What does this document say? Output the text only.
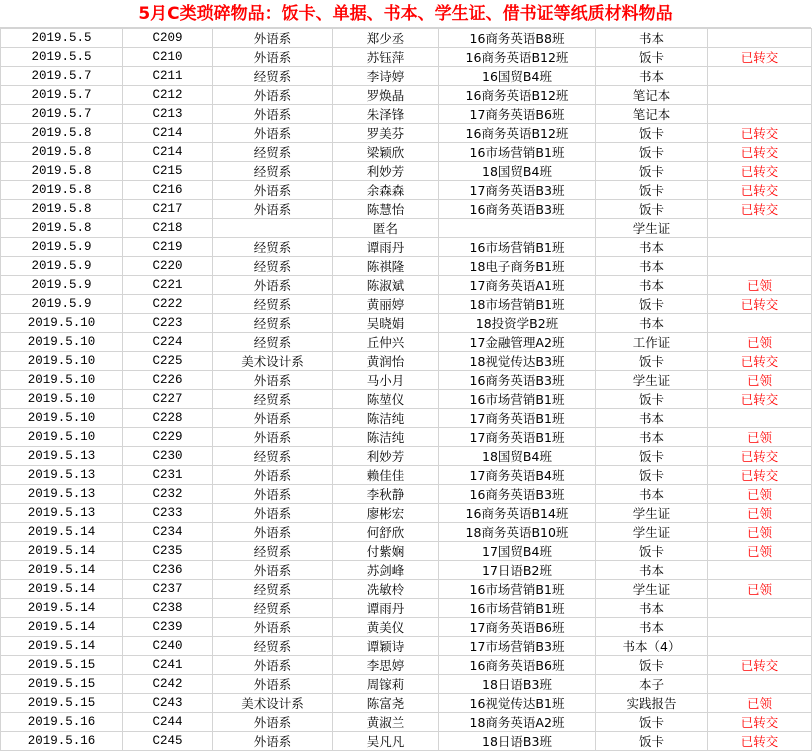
5月C类琐碎物品：饭卡、单据、书本、学生证、借书证等纸质材料物品
2019.5.5	C209	外语系	郑少丞	16商务英语B8班	书本	
2019.5.5	C210	外语系	苏钰萍	16商务英语B12班	饭卡	已转交
2019.5.7	C211	经贸系	李诗婷	16国贸B4班	书本	
2019.5.7	C212	外语系	罗焕晶	16商务英语B12班	笔记本	
2019.5.7	C213	外语系	朱泽锋	17商务英语B6班	笔记本	
2019.5.8	C214	外语系	罗美芬	16商务英语B12班	饭卡	已转交
2019.5.8	C214	经贸系	梁颖欣	16市场营销B1班	饭卡	已转交
2019.5.8	C215	经贸系	利妙芳	18国贸B4班	饭卡	已转交
2019.5.8	C216	外语系	余森森	17商务英语B3班	饭卡	已转交
2019.5.8	C217	外语系	陈慧怡	16商务英语B3班	饭卡	已转交
2019.5.8	C218		匿名		学生证	
2019.5.9	C219	经贸系	谭雨丹	16市场营销B1班	书本	
2019.5.9	C220	经贸系	陈祺隆	18电子商务B1班	书本	
2019.5.9	C221	外语系	陈淑斌	17商务英语A1班	书本	已领
2019.5.9	C222	经贸系	黄丽婷	18市场营销B1班	饭卡	已转交
2019.5.10	C223	经贸系	吴晓娟	18投资学B2班	书本	
2019.5.10	C224	经贸系	丘仲兴	17金融管理A2班	工作证	已领
2019.5.10	C225	美术设计系	黄润怡	18视觉传达B3班	饭卡	已转交
2019.5.10	C226	外语系	马小月	16商务英语B3班	学生证	已领
2019.5.10	C227	经贸系	陈堃仪	16市场营销B1班	饭卡	已转交
2019.5.10	C228	外语系	陈洁纯	17商务英语B1班	书本	
2019.5.10	C229	外语系	陈洁纯	17商务英语B1班	书本	已领
2019.5.13	C230	经贸系	利妙芳	18国贸B4班	饭卡	已转交
2019.5.13	C231	外语系	赖佳佳	17商务英语B4班	饭卡	已转交
2019.5.13	C232	外语系	李秋静	16商务英语B3班	书本	已领
2019.5.13	C233	外语系	廖彬宏	16商务英语B14班	学生证	已领
2019.5.14	C234	外语系	何舒欣	18商务英语B10班	学生证	已领
2019.5.14	C235	经贸系	付紫娴	17国贸B4班	饭卡	已领
2019.5.14	C236	外语系	苏剑峰	17日语B2班	书本	
2019.5.14	C237	经贸系	冼敏柃	16市场营销B1班	学生证	已领
2019.5.14	C238	经贸系	谭雨丹	16市场营销B1班	书本	
2019.5.14	C239	外语系	黄美仪	17商务英语B6班	书本	
2019.5.14	C240	经贸系	谭颖诗	17市场营销B3班	书本（4）	
2019.5.15	C241	外语系	李思婷	16商务英语B6班	饭卡	已转交
2019.5.15	C242	外语系	周镓莉	18日语B3班	本子	
2019.5.15	C243	美术设计系	陈富尧	16视觉传达B1班	实践报告	已领
2019.5.16	C244	外语系	黄淑兰	18商务英语A2班	饭卡	已转交
2019.5.16	C245	外语系	吴凡凡	18日语B3班	饭卡	已转交
